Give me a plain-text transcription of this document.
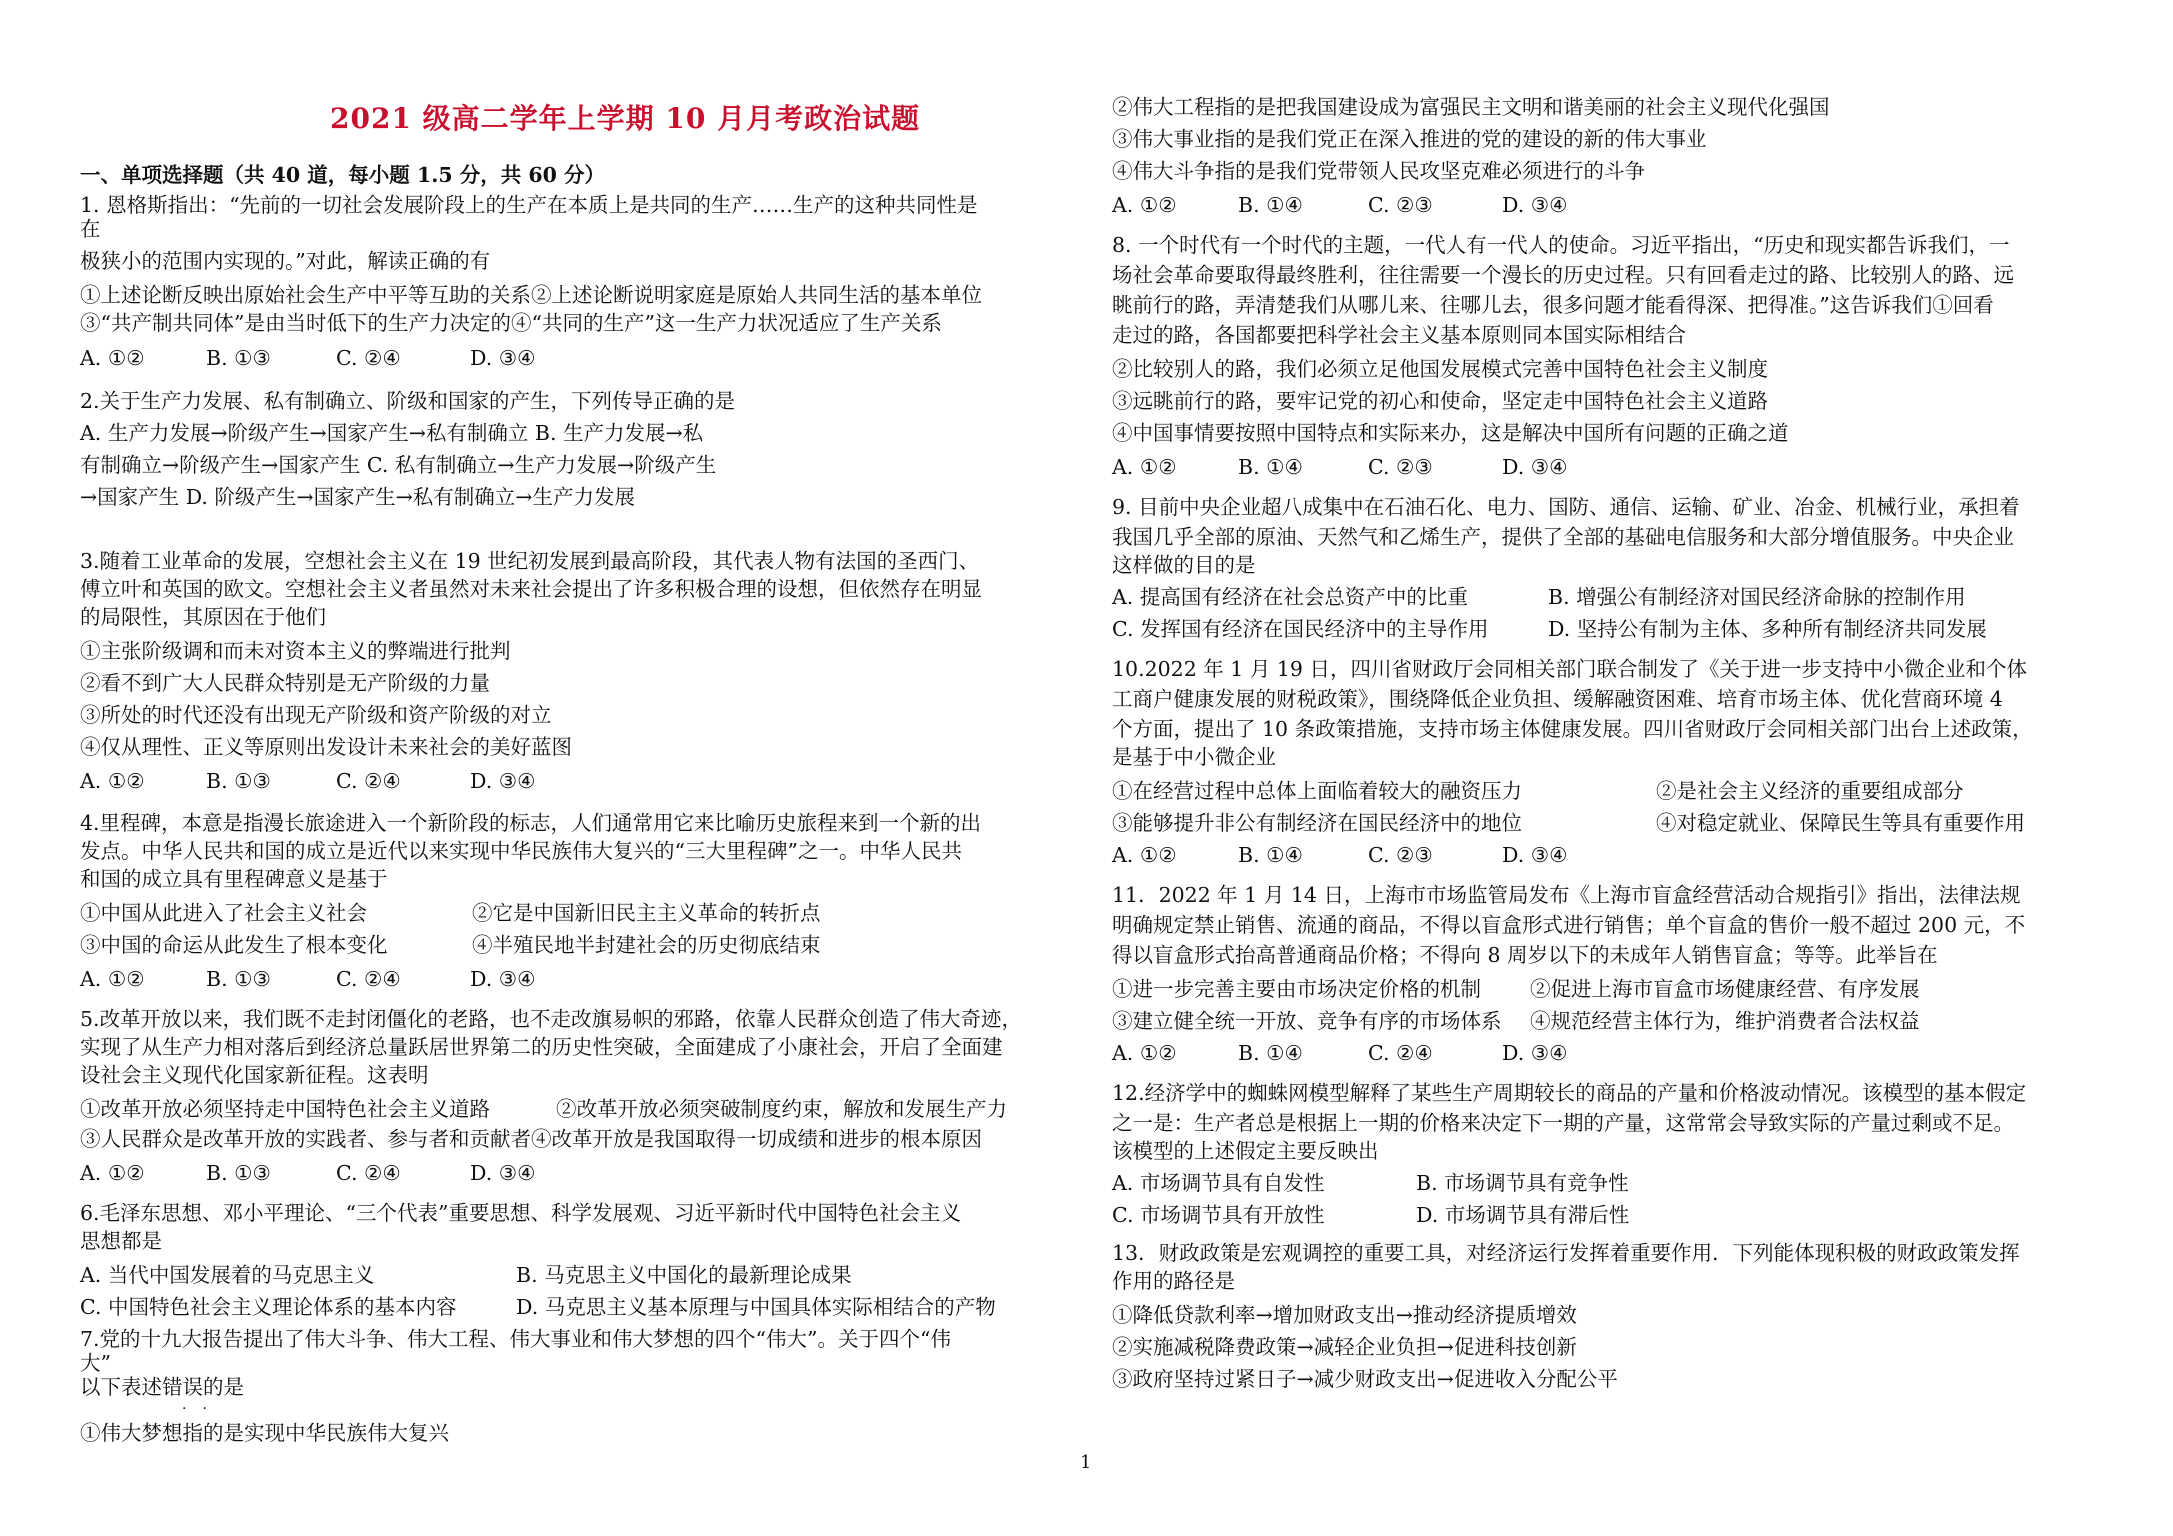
2021 级高二学年上学期 10 月月考政治试题
一、单项选择题（共 40 道，每小题 1.5 分，共 60 分）
1. 恩格斯指出：“先前的一切社会发展阶段上的生产在本质上是共同的生产……生产的这种共同性是
在
极狭小的范围内实现的。”对此，解读正确的有
①上述论断反映出原始社会生产中平等互助的关系②上述论断说明家庭是原始人共同生活的基本单位
③“共产制共同体”是由当时低下的生产力决定的④“共同的生产”这一生产力状况适应了生产关系
A. ①②	B. ①③	C. ②④	D. ③④
2.关于生产力发展、私有制确立、阶级和国家的产生，下列传导正确的是
A. 生产力发展→阶级产生→国家产生→私有制确立 B. 生产力发展→私
有制确立→阶级产生→国家产生 C. 私有制确立→生产力发展→阶级产生
→国家产生 D. 阶级产生→国家产生→私有制确立→生产力发展
3.随着工业革命的发展，空想社会主义在 19 世纪初发展到最高阶段，其代表人物有法国的圣西门、
傅立叶和英国的欧文。空想社会主义者虽然对未来社会提出了许多积极合理的设想，但依然存在明显
的局限性，其原因在于他们
①主张阶级调和而未对资本主义的弊端进行批判
②看不到广大人民群众特别是无产阶级的力量
③所处的时代还没有出现无产阶级和资产阶级的对立
④仅从理性、正义等原则出发设计未来社会的美好蓝图
A. ①②	B. ①③	C. ②④	D. ③④
4.里程碑，本意是指漫长旅途进入一个新阶段的标志，人们通常用它来比喻历史旅程来到一个新的出
发点。中华人民共和国的成立是近代以来实现中华民族伟大复兴的“三大里程碑”之一。中华人民共
和国的成立具有里程碑意义是基于
①中国从此进入了社会主义社会	②它是中国新旧民主主义革命的转折点
③中国的命运从此发生了根本变化	④半殖民地半封建社会的历史彻底结束
A. ①②	B. ①③	C. ②④	D. ③④
5.改革开放以来，我们既不走封闭僵化的老路，也不走改旗易帜的邪路，依靠人民群众创造了伟大奇迹，
实现了从生产力相对落后到经济总量跃居世界第二的历史性突破，全面建成了小康社会，开启了全面建
设社会主义现代化国家新征程。这表明
①改革开放必须坚持走中国特色社会主义道路	②改革开放必须突破制度约束，解放和发展生产力
③人民群众是改革开放的实践者、参与者和贡献者④改革开放是我国取得一切成绩和进步的根本原因
A. ①②	B. ①③	C. ②④	D. ③④
6.毛泽东思想、邓小平理论、“三个代表”重要思想、科学发展观、习近平新时代中国特色社会主义
思想都是
A. 当代中国发展着的马克思主义	B. 马克思主义中国化的最新理论成果
C. 中国特色社会主义理论体系的基本内容	D. 马克思主义基本原理与中国具体实际相结合的产物
7.党的十九大报告提出了伟大斗争、伟大工程、伟大事业和伟大梦想的四个“伟大”。关于四个“伟
大”
以下表述错误的是
··
①伟大梦想指的是实现中华民族伟大复兴
②伟大工程指的是把我国建设成为富强民主文明和谐美丽的社会主义现代化强国
③伟大事业指的是我们党正在深入推进的党的建设的新的伟大事业
④伟大斗争指的是我们党带领人民攻坚克难必须进行的斗争
A. ①②	B. ①④	C. ②③	D. ③④
8. 一个时代有一个时代的主题，一代人有一代人的使命。习近平指出，“历史和现实都告诉我们，一
场社会革命要取得最终胜利，往往需要一个漫长的历史过程。只有回看走过的路、比较别人的路、远
眺前行的路，弄清楚我们从哪儿来、往哪儿去，很多问题才能看得深、把得准。”这告诉我们①回看
走过的路，各国都要把科学社会主义基本原则同本国实际相结合
②比较别人的路，我们必须立足他国发展模式完善中国特色社会主义制度
③远眺前行的路，要牢记党的初心和使命，坚定走中国特色社会主义道路
④中国事情要按照中国特点和实际来办，这是解决中国所有问题的正确之道
A. ①②	B. ①④	C. ②③	D. ③④
9. 目前中央企业超八成集中在石油石化、电力、国防、通信、运输、矿业、冶金、机械行业，承担着
我国几乎全部的原油、天然气和乙烯生产，提供了全部的基础电信服务和大部分增值服务。中央企业
这样做的目的是
A. 提高国有经济在社会总资产中的比重	B. 增强公有制经济对国民经济命脉的控制作用
C. 发挥国有经济在国民经济中的主导作用	D. 坚持公有制为主体、多种所有制经济共同发展
10.2022 年 1 月 19 日，四川省财政厅会同相关部门联合制发了《关于进一步支持中小微企业和个体
工商户健康发展的财税政策》，围绕降低企业负担、缓解融资困难、培育市场主体、优化营商环境 4
个方面，提出了 10 条政策措施，支持市场主体健康发展。四川省财政厅会同相关部门出台上述政策，
是基于中小微企业
①在经营过程中总体上面临着较大的融资压力	②是社会主义经济的重要组成部分
③能够提升非公有制经济在国民经济中的地位	④对稳定就业、保障民生等具有重要作用
A. ①②	B. ①④	C. ②③	D. ③④
11．2022 年 1 月 14 日，上海市市场监管局发布《上海市盲盒经营活动合规指引》指出，法律法规
明确规定禁止销售、流通的商品，不得以盲盒形式进行销售；单个盲盒的售价一般不超过 200 元，不
得以盲盒形式抬高普通商品价格；不得向 8 周岁以下的未成年人销售盲盒；等等。此举旨在
①进一步完善主要由市场决定价格的机制 ②促进上海市盲盒市场健康经营、有序发展
③建立健全统一开放、竞争有序的市场体系 ④规范经营主体行为，维护消费者合法权益
A. ①②	B. ①④	C. ②④	D. ③④
12.经济学中的蜘蛛网模型解释了某些生产周期较长的商品的产量和价格波动情况。该模型的基本假定
之一是：生产者总是根据上一期的价格来决定下一期的产量，这常常会导致实际的产量过剩或不足。
该模型的上述假定主要反映出
A. 市场调节具有自发性	B. 市场调节具有竞争性
C. 市场调节具有开放性	D. 市场调节具有滞后性
13．财政政策是宏观调控的重要工具，对经济运行发挥着重要作用．下列能体现积极的财政政策发挥
作用的路径是
①降低贷款利率→增加财政支出→推动经济提质增效
②实施减税降费政策→减轻企业负担→促进科技创新
③政府坚持过紧日子→减少财政支出→促进收入分配公平
1
